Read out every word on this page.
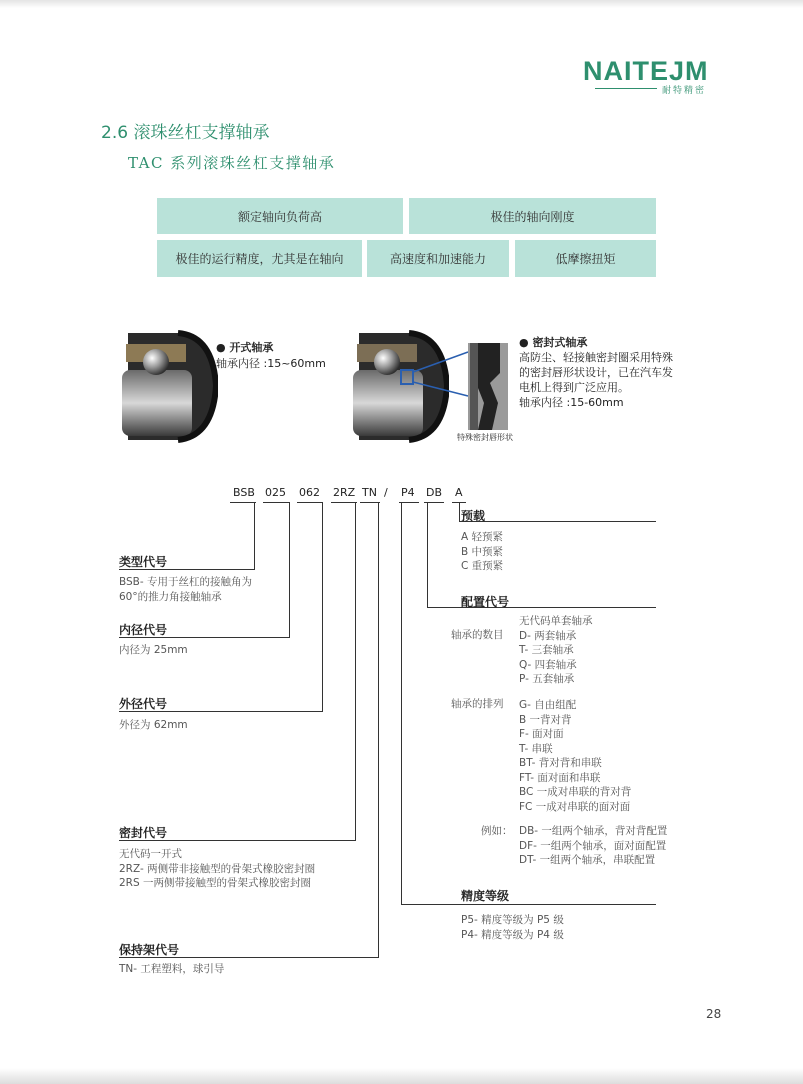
NAITEJM
耐特精密
2.6 滚珠丝杠支撑轴承
TAC 系列滚珠丝杠支撑轴承
额定轴向负荷高	极佳的轴向刚度
极佳的运行精度，尤其是在轴向	高速度和加速能力	低摩擦扭矩
● 开式轴承
轴承内径 :15~60mm
特殊密封唇形状
● 密封式轴承
高防尘、轻接触密封圈采用特殊
的密封唇形状设计，已在汽车发
电机上得到广泛应用。
轴承内径 :15-60mm
BSB 025 062 2RZ TN / P4 DB A
类型代号
BSB- 专用于丝杠的接触角为
60°的推力角接触轴承
内径代号
内径为 25mm
外径代号
外径为 62mm
密封代号
无代码一开式
2RZ- 两侧带非接触型的骨架式橡胶密封圈
2RS 一两侧带接触型的骨架式橡胶密封圈
保持架代号
TN- 工程塑料，球引导
预载
A 轻预紧
B 中预紧
C 重预紧
配置代号
轴承的数目
无代码单套轴承
D- 两套轴承
T- 三套轴承
Q- 四套轴承
P- 五套轴承
轴承的排列 G- 自由组配
B 一背对背
F- 面对面
T- 串联
BT- 背对背和串联
FT- 面对面和串联
BC 一成对串联的背对背
FC 一成对串联的面对面
例如： DB- 一组两个轴承，背对背配置
DF- 一组两个轴承，面对面配置
DT- 一组两个轴承，串联配置
精度等级
P5- 精度等级为 P5 级
P4- 精度等级为 P4 级
28
